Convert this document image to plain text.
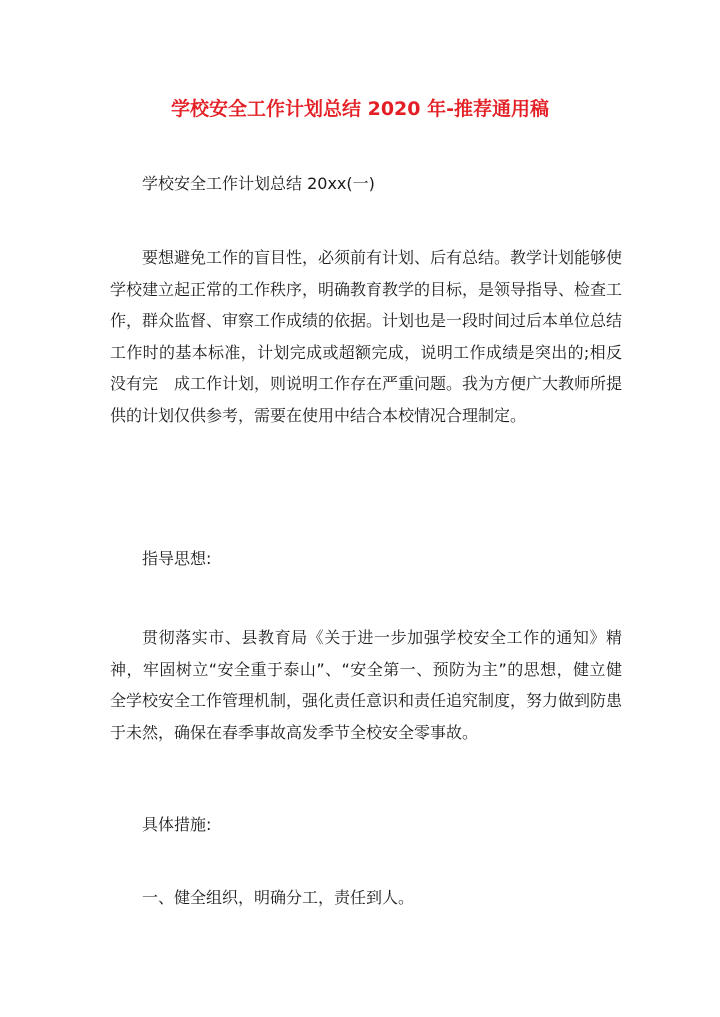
学校安全工作计划总结 2020 年-推荐通用稿
学校安全工作计划总结 20xx(一)

要想避免工作的盲目性，必须前有计划、后有总结。教学计划能够使学校建立起正常的工作秩序，明确教育教学的目标，是领导指导、检查工作，群众监督、审察工作成绩的依据。计划也是一段时间过后本单位总结工作时的基本标准，计划完成或超额完成，说明工作成绩是突出的;相反没有完　成工作计划，则说明工作存在严重问题。我为方便广大教师所提供的计划仅供参考，需要在使用中结合本校情况合理制定。

指导思想:

贯彻落实市、县教育局《关于进一步加强学校安全工作的通知》精神，牢固树立“安全重于泰山”、“安全第一、预防为主”的思想，健立健全学校安全工作管理机制，强化责任意识和责任追究制度，努力做到防患于未然，确保在春季事故高发季节全校安全零事故。

具体措施:
一、健全组织，明确分工，责任到人。
